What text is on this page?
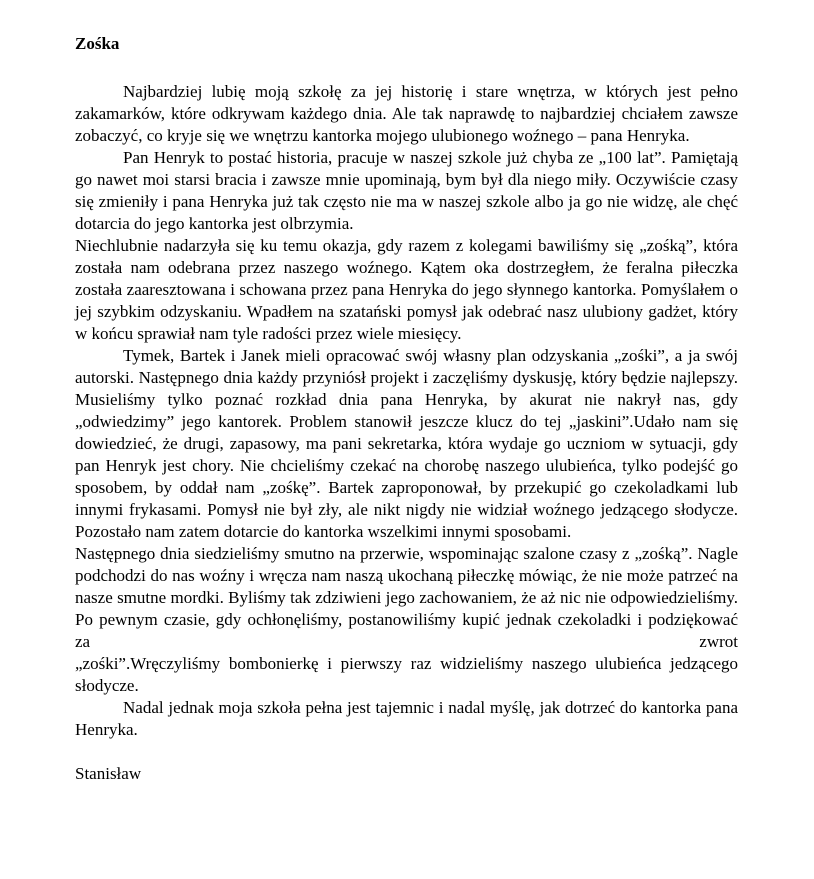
Zośka

Najbardziej lubię moją szkołę za jej historię i stare wnętrza, w których jest pełno zakamarków, które odkrywam każdego dnia. Ale tak naprawdę to najbardziej chciałem zawsze zobaczyć, co kryje się we wnętrzu kantorka mojego ulubionego woźnego – pana Henryka.

Pan Henryk to postać historia, pracuje w naszej szkole już chyba ze „100 lat”. Pamiętają go nawet moi starsi bracia i zawsze mnie upominają, bym był dla niego miły. Oczywiście czasy się zmieniły i pana Henryka już tak często nie ma w naszej szkole albo ja go nie widzę, ale chęć dotarcia do jego kantorka jest olbrzymia.

Niechlubnie nadarzyła się ku temu okazja, gdy razem z kolegami bawiliśmy się „zośką”, która została nam odebrana przez naszego woźnego. Kątem oka dostrzegłem, że feralna piłeczka została zaaresztowana i schowana przez pana Henryka do jego słynnego kantorka. Pomyślałem o jej szybkim odzyskaniu. Wpadłem na szatański pomysł jak odebrać nasz ulubiony gadżet, który w końcu sprawiał nam tyle radości przez wiele miesięcy.

Tymek, Bartek i Janek mieli opracować swój własny plan odzyskania „zośki”, a ja swój autorski. Następnego dnia każdy przyniósł projekt i zaczęliśmy dyskusję, który będzie najlepszy. Musieliśmy tylko poznać rozkład dnia pana Henryka, by akurat nie nakrył nas, gdy „odwiedzimy” jego kantorek. Problem stanowił jeszcze klucz do tej „jaskini”.Udało nam się dowiedzieć, że drugi, zapasowy, ma pani sekretarka, która wydaje go uczniom w sytuacji, gdy pan Henryk jest chory. Nie chcieliśmy czekać na chorobę naszego ulubieńca, tylko podejść go sposobem, by oddał nam „zośkę”. Bartek zaproponował, by przekupić go czekoladkami lub innymi frykasami. Pomysł nie był zły, ale nikt nigdy nie widział woźnego jedzącego słodycze. Pozostało nam zatem dotarcie do kantorka wszelkimi innymi sposobami.

Następnego dnia siedzieliśmy smutno na przerwie, wspominając szalone czasy z „zośką”. Nagle podchodzi do nas woźny i wręcza nam naszą ukochaną piłeczkę mówiąc, że nie może patrzeć na nasze smutne mordki. Byliśmy tak zdziwieni jego zachowaniem, że aż nic nie odpowiedzieliśmy. Po pewnym czasie, gdy ochłonęliśmy, postanowiliśmy kupić jednak czekoladki i podziękować za zwrot

„zośki”.Wręczyliśmy bombonierkę i pierwszy raz widzieliśmy naszego ulubieńca jedzącego słodycze.

Nadal jednak moja szkoła pełna jest tajemnic i nadal myślę, jak dotrzeć do kantorka pana Henryka.

Stanisław
